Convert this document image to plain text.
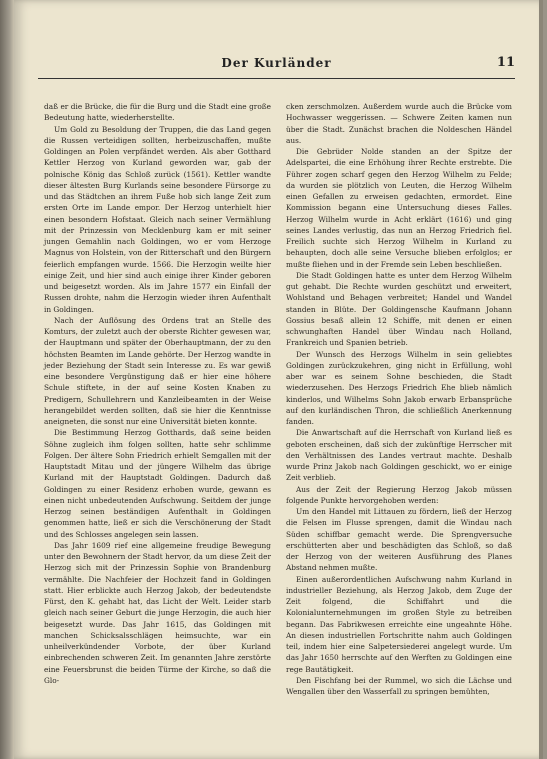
Der Kurländer	11

daß er die Brücke, die für die Burg und die Stadt eine große Bedeutung hatte, wiederherstellte.

Um Gold zu Besoldung der Truppen, die das Land gegen die Russen verteidigen sollten, herbeizuschaffen, mußte Goldingen an Polen verpfändet werden. Als aber Gotthard Kettler Herzog von Kurland geworden war, gab der polnische König das Schloß zurück (1561). Kettler wandte dieser ältesten Burg Kurlands seine besondere Fürsorge zu und das Städtchen an ihrem Fuße hob sich lange Zeit zum ersten Orte im Lande empor. Der Herzog unterhielt hier einen besondern Hofstaat. Gleich nach seiner Vermählung mit der Prinzessin von Mecklenburg kam er mit seiner jungen Gemahlin nach Goldingen, wo er vom Herzoge Magnus von Holstein, von der Ritterschaft und den Bürgern feierlich empfangen wurde. 1566. Die Herzogin weilte hier einige Zeit, und hier sind auch einige ihrer Kinder geboren und beigesetzt worden. Als im Jahre 1577 ein Einfall der Russen drohte, nahm die Herzogin wieder ihren Aufenthalt in Goldingen.

Nach der Auflösung des Ordens trat an Stelle des Komturs, der zuletzt auch der oberste Richter gewesen war, der Hauptmann und später der Oberhauptmann, der zu den höchsten Beamten im Lande gehörte. Der Herzog wandte in jeder Beziehung der Stadt sein Interesse zu. Es war gewiß eine besondere Vergünstigung daß er hier eine höhere Schule stiftete, in der auf seine Kosten Knaben zu Predigern, Schullehrern und Kanzleibeamten in der Weise herangebildet werden sollten, daß sie hier die Kenntnisse aneigneten, die sonst nur eine Universität bieten konnte.

Die Bestimmung Herzog Gotthards, daß seine beiden Söhne zugleich ihm folgen sollten, hatte sehr schlimme Folgen. Der ältere Sohn Friedrich erhielt Semgallen mit der Hauptstadt Mitau und der jüngere Wilhelm das übrige Kurland mit der Hauptstadt Goldingen. Dadurch daß Goldingen zu einer Residenz erhoben wurde, gewann es einen nicht unbedeutenden Aufschwung. Seitdem der junge Herzog seinen beständigen Aufenthalt in Goldingen genommen hatte, ließ er sich die Verschönerung der Stadt und des Schlosses angelegen sein lassen.

Das Jahr 1609 rief eine allgemeine freudige Bewegung unter den Bewohnern der Stadt hervor, da um diese Zeit der Herzog sich mit der Prinzessin Sophie von Brandenburg vermählte. Die Nachfeier der Hochzeit fand in Goldingen statt. Hier erblickte auch Herzog Jakob, der bedeutendste Fürst, den K. gehabt hat, das Licht der Welt. Leider starb gleich nach seiner Geburt die junge Herzogin, die auch hier beigesetzt wurde. Das Jahr 1615, das Goldingen mit manchen Schicksalsschlägen heimsuchte, war ein unheilverkündender Vorbote, der über Kurland einbrechenden schweren Zeit. Im genannten Jahre zerstörte eine Feuersbrunst die beiden Türme der Kirche, so daß die Glo-

cken zerschmolzen. Außerdem wurde auch die Brücke vom Hochwasser weggerissen. — Schwere Zeiten kamen nun über die Stadt. Zunächst brachen die Noldeschen Händel aus.

Die Gebrüder Nolde standen an der Spitze der Adelspartei, die eine Erhöhung ihrer Rechte erstrebte. Die Führer zogen scharf gegen den Herzog Wilhelm zu Felde; da wurden sie plötzlich von Leuten, die Herzog Wilhelm einen Gefallen zu erweisen gedachten, ermordet. Eine Kommission begann eine Untersuchung dieses Falles. Herzog Wilhelm wurde in Acht erklärt (1616) und ging seines Landes verlustig, das nun an Herzog Friedrich fiel. Freilich suchte sich Herzog Wilhelm in Kurland zu behaupten, doch alle seine Versuche blieben erfolglos; er mußte fliehen und in der Fremde sein Leben beschließen.

Die Stadt Goldingen hatte es unter dem Herzog Wilhelm gut gehabt. Die Rechte wurden geschützt und erweitert, Wohlstand und Behagen verbreitet; Handel und Wandel standen in Blüte. Der Goldingensche Kaufmann Johann Gossius besaß allein 12 Schiffe, mit denen er einen schwunghaften Handel über Windau nach Holland, Frankreich und Spanien betrieb.

Der Wunsch des Herzogs Wilhelm in sein geliebtes Goldingen zurückzukehren, ging nicht in Erfüllung, wohl aber war es seinem Sohne beschieden, die Stadt wiederzusehen. Des Herzogs Friedrich Ehe blieb nämlich kinderlos, und Wilhelms Sohn Jakob erwarb Erbansprüche auf den kurländischen Thron, die schließlich Anerkennung fanden.

Die Anwartschaft auf die Herrschaft von Kurland ließ es geboten erscheinen, daß sich der zukünftige Herrscher mit den Verhältnissen des Landes vertraut machte. Deshalb wurde Prinz Jakob nach Goldingen geschickt, wo er einige Zeit verblieb.

Aus der Zeit der Regierung Herzog Jakob müssen folgende Punkte hervorgehoben werden:

Um den Handel mit Littauen zu fördern, ließ der Herzog die Felsen im Flusse sprengen, damit die Windau nach Süden schiffbar gemacht werde. Die Sprengversuche erschütterten aber und beschädigten das Schloß, so daß der Herzog von der weiteren Ausführung des Planes Abstand nehmen mußte.

Einen außerordentlichen Aufschwung nahm Kurland in industrieller Beziehung, als Herzog Jakob, dem Zuge der Zeit folgend, die Schiffahrt und die Kolonialunternehmungen im großen Style zu betreiben begann. Das Fabrikwesen erreichte eine ungeahnte Höhe. An diesen industriellen Fortschritte nahm auch Goldingen teil, indem hier eine Salpetersiederei angelegt wurde. Um das Jahr 1650 herrschte auf den Werften zu Goldingen eine rege Bautätigkeit.

Den Fischfang bei der Rummel, wo sich die Lächse und Wengallen über den Wasserfall zu springen bemühten,
